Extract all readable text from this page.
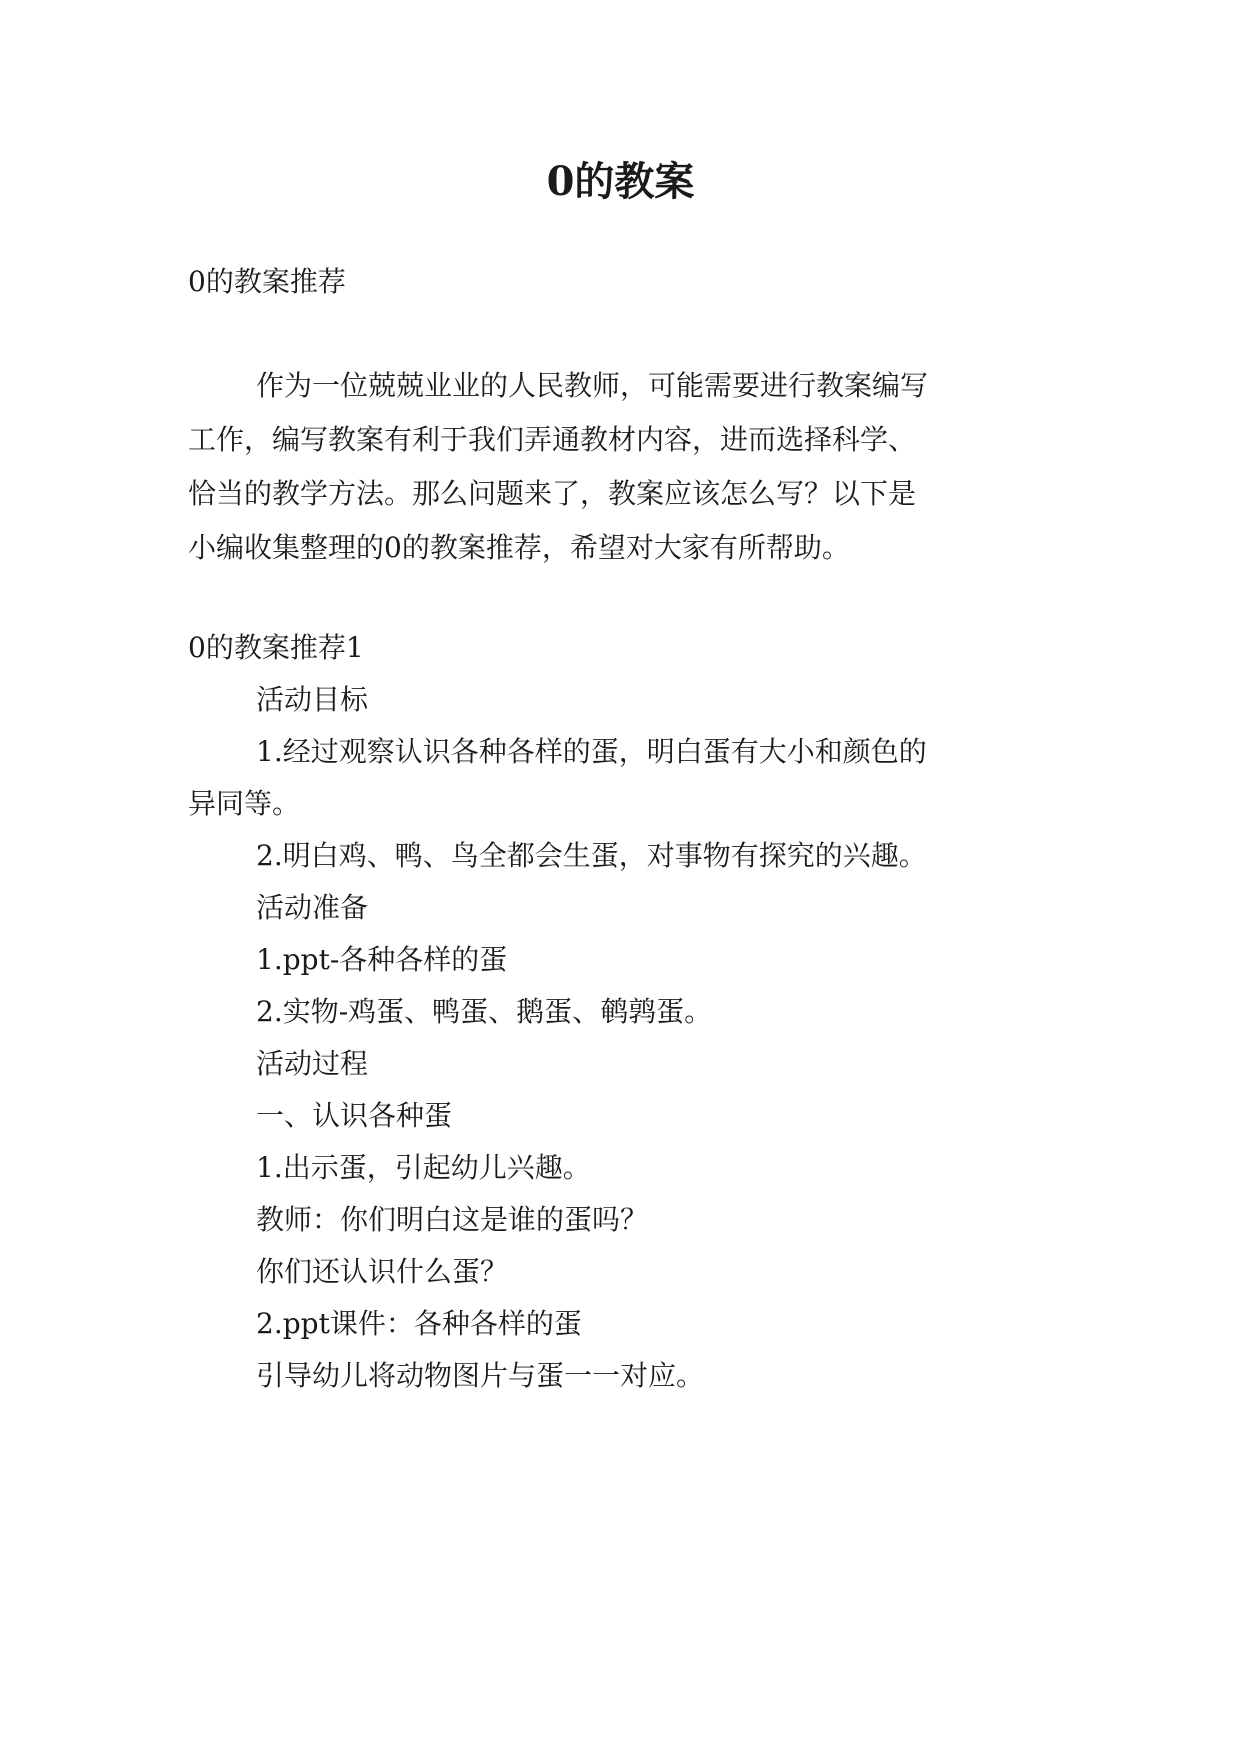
0的教案

0的教案推荐

作为一位兢兢业业的人民教师，可能需要进行教案编写

工作，编写教案有利于我们弄通教材内容，进而选择科学、

恰当的教学方法。那么问题来了，教案应该怎么写？以下是

小编收集整理的0的教案推荐，希望对大家有所帮助。

0的教案推荐1

活动目标

1.经过观察认识各种各样的蛋，明白蛋有大小和颜色的

异同等。

2.明白鸡、鸭、鸟全都会生蛋，对事物有探究的兴趣。

活动准备

1.ppt-各种各样的蛋

2.实物-鸡蛋、鸭蛋、鹅蛋、鹌鹑蛋。

活动过程

一、认识各种蛋

1.出示蛋，引起幼儿兴趣。

教师：你们明白这是谁的蛋吗？

你们还认识什么蛋？

2.ppt课件：各种各样的蛋

引导幼儿将动物图片与蛋一一对应。
